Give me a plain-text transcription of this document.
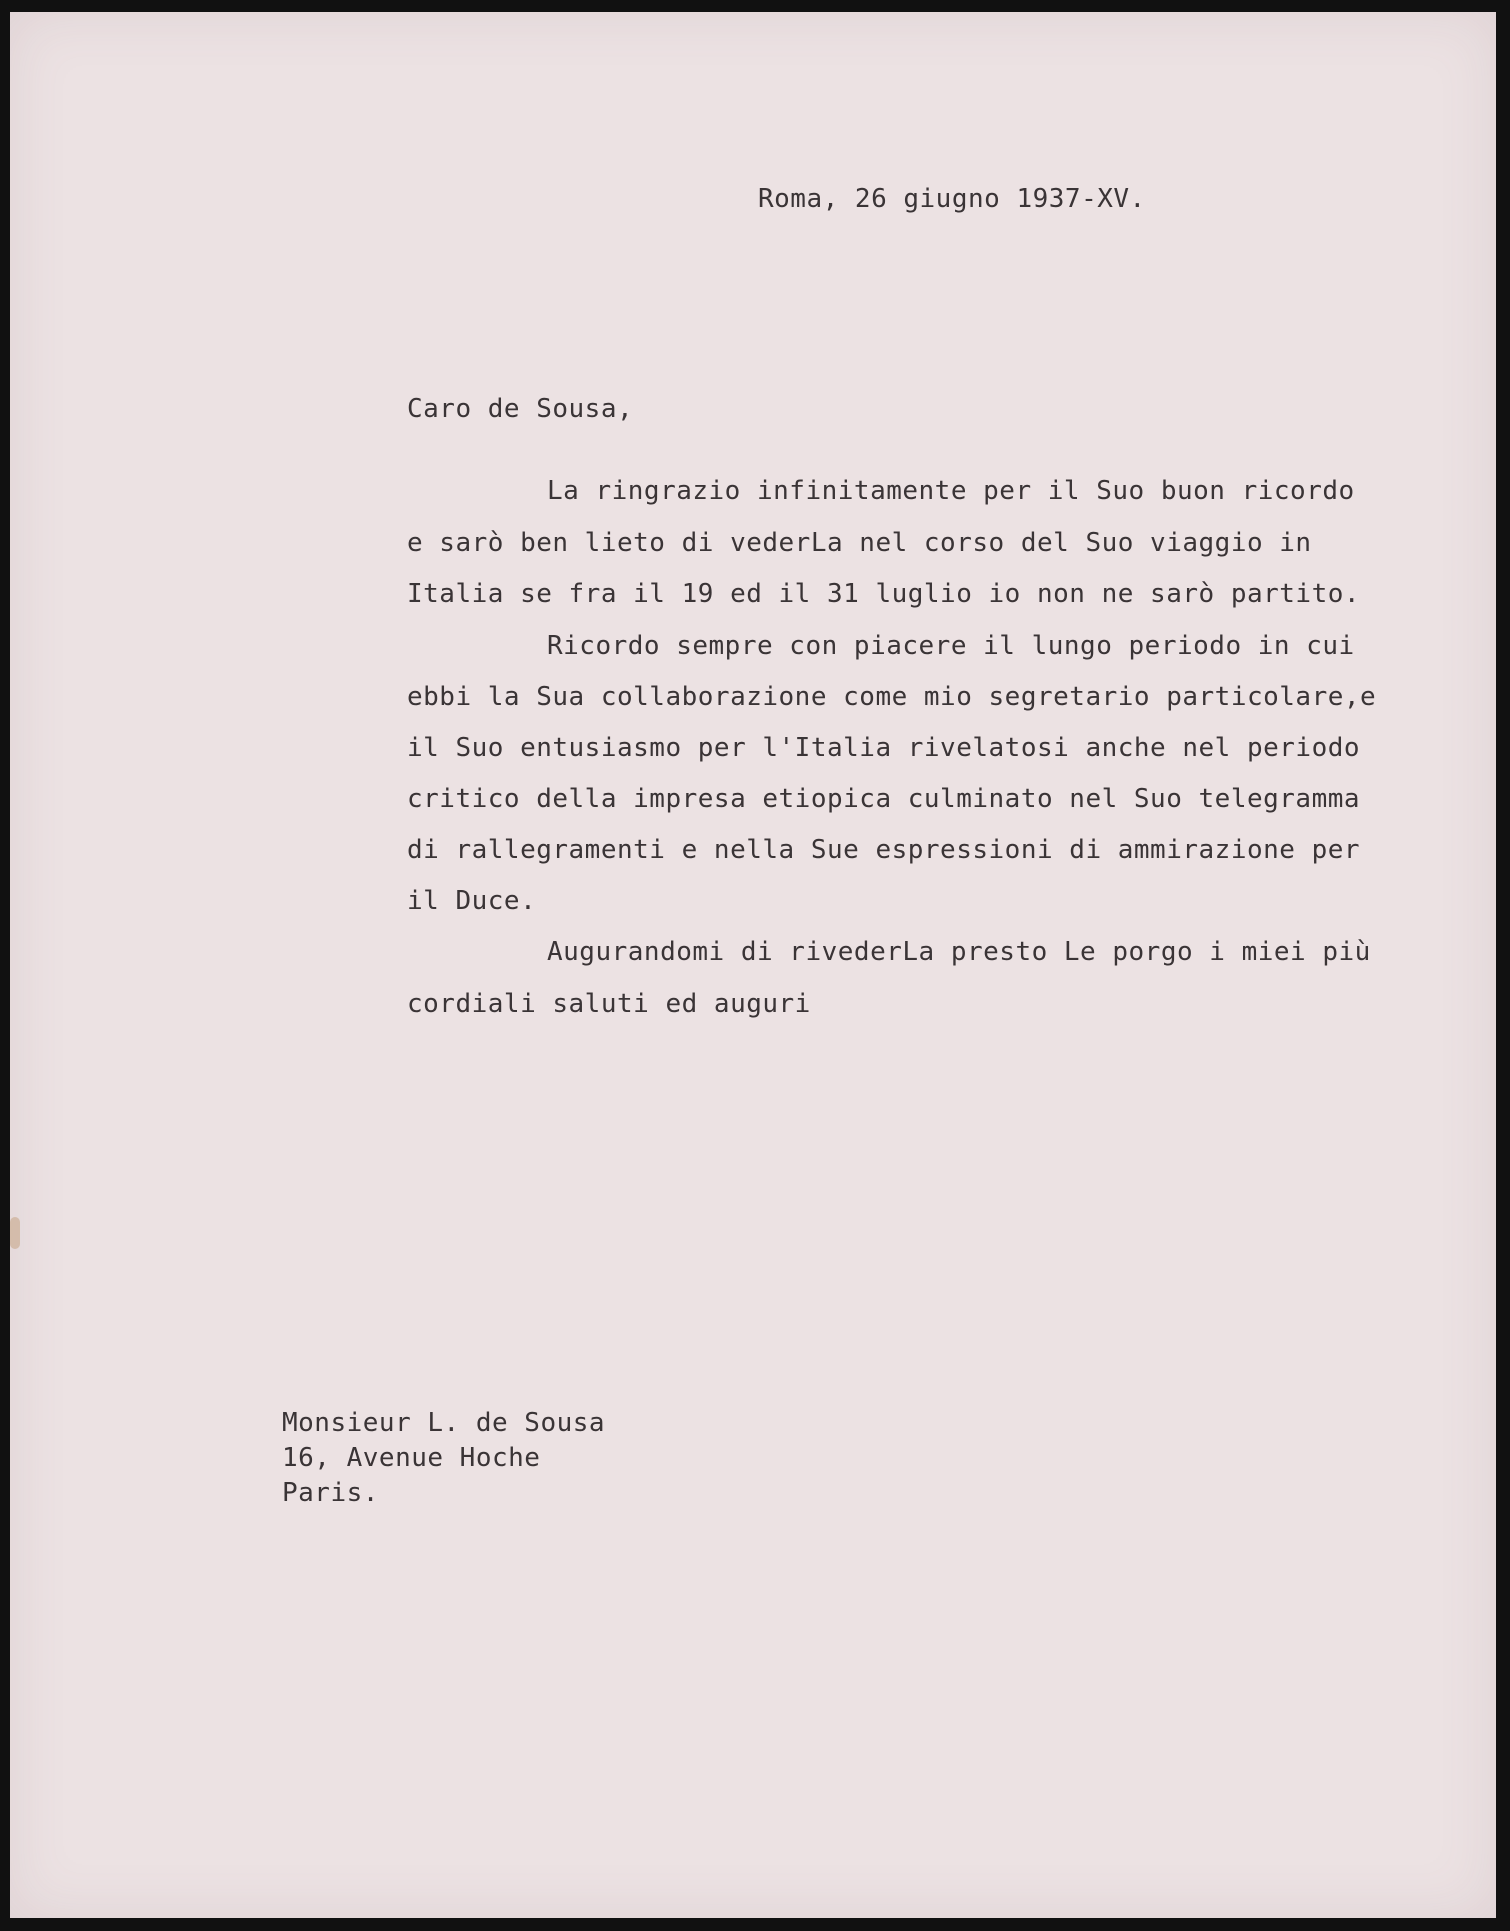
Roma, 26 giugno 1937-XV.
Caro de Sousa,
La ringrazio infinitamente per il Suo buon ricordo
e sarò ben lieto di vederLa nel corso del Suo viaggio in
Italia se fra il 19 ed il 31 luglio io non ne sarò partito.
Ricordo sempre con piacere il lungo periodo in cui
ebbi la Sua collaborazione come mio segretario particolare,e
il Suo entusiasmo per l'Italia rivelatosi anche nel periodo
critico della impresa etiopica culminato nel Suo telegramma
di rallegramenti e nella Sue espressioni di ammirazione per
il Duce.
Augurandomi di rivederLa presto Le porgo i miei più
cordiali saluti ed auguri
Monsieur L. de Sousa
16, Avenue Hoche
Paris.
